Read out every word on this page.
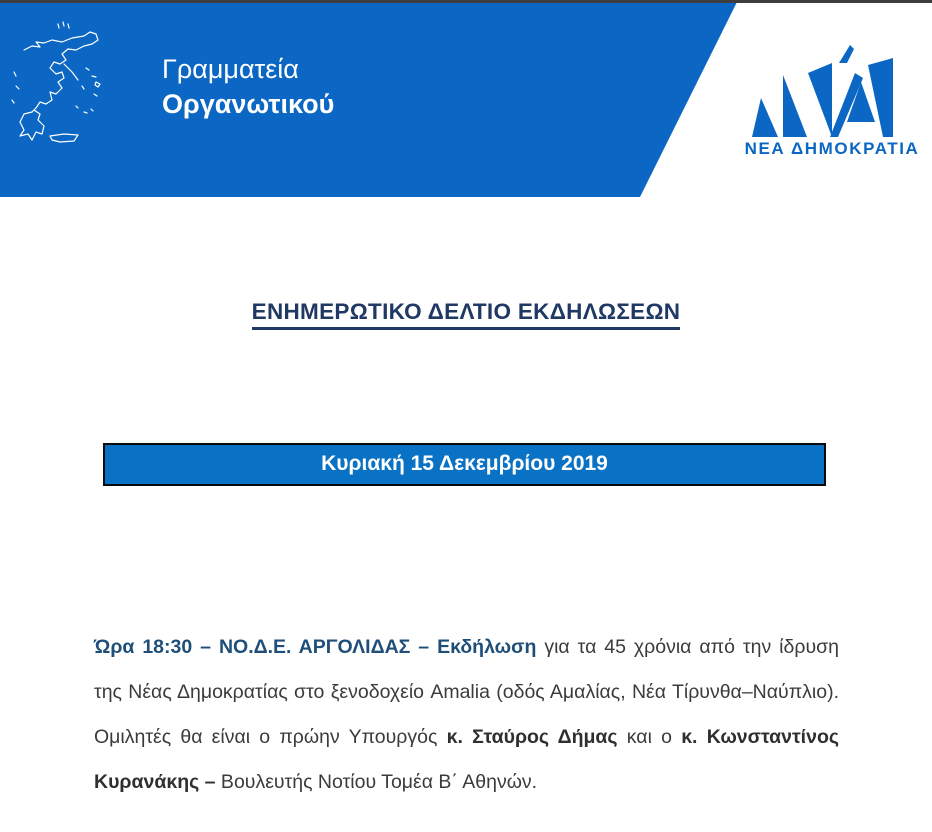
Γραμματεία
Οργανωτικού
ΝΕΑ ΔΗΜΟΚΡΑΤΙΑ
ΕΝΗΜΕΡΩΤΙΚΟ ΔΕΛΤΙΟ ΕΚΔΗΛΩΣΕΩΝ
Κυριακή 15 Δεκεμβρίου 2019

Ώρα 18:30 – ΝΟ.Δ.Ε. ΑΡΓΟΛΙΔΑΣ – Εκδήλωση για τα 45 χρόνια από την ίδρυση της Νέας Δημοκρατίας στο ξενοδοχείο Amalia (οδός Αμαλίας, Νέα Τίρυνθα–Ναύπλιο). Ομιλητές θα είναι ο πρώην Υπουργός κ. Σταύρος Δήμας και ο κ. Κωνσταντίνος Κυρανάκης – Βουλευτής Νοτίου Τομέα Β΄ Αθηνών.
